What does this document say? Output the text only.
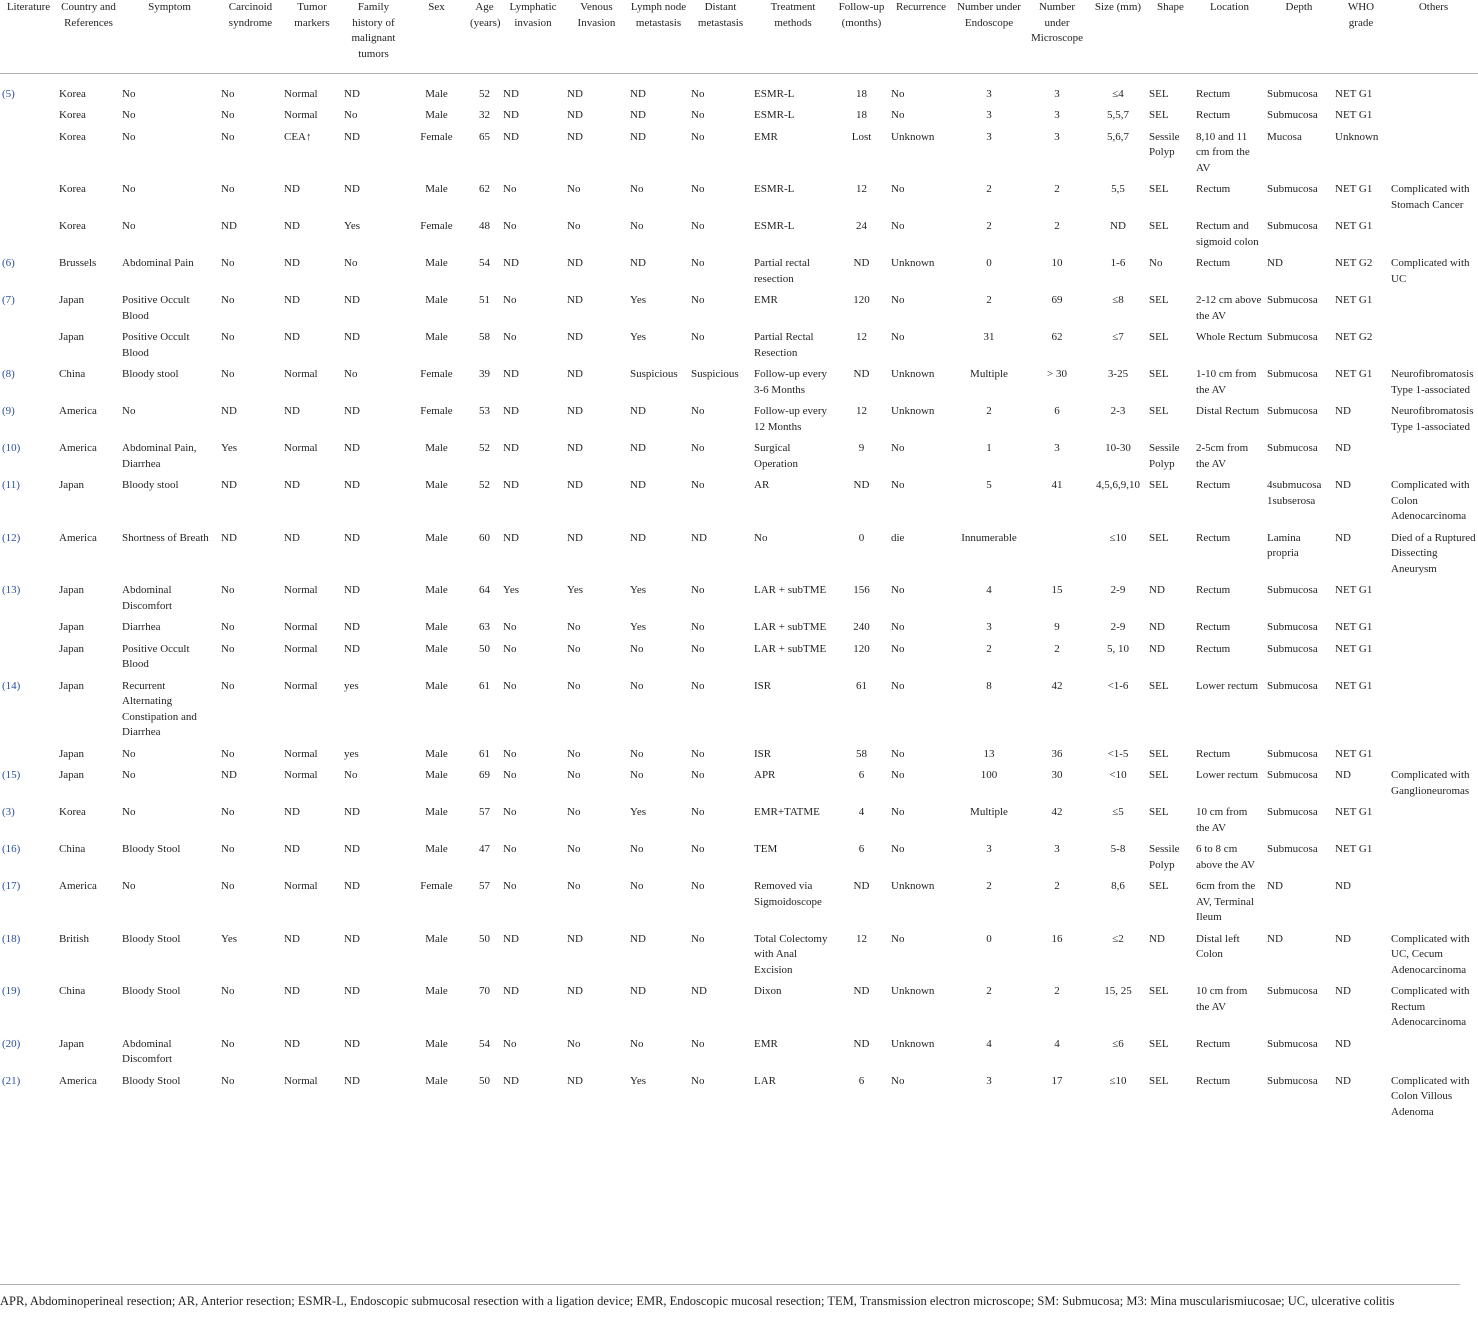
Literature	Country and References	Symptom	Carcinoid syndrome	Tumor markers	Family history of malignant tumors	Sex	Age (years)	Lymphatic invasion	Venous Invasion	Lymph node metastasis	Distant metastasis	Treatment methods	Follow-up (months)	Recurrence	Number under Endoscope	Number under Microscope	Size (mm)	Shape	Location	Depth	WHO grade	Others
(5)	Korea	No	No	Normal	ND	Male	52	ND	ND	ND	No	ESMR-L	18	No	3	3	≤4	SEL	Rectum	Submucosa	NET G1	
	Korea	No	No	Normal	No	Male	32	ND	ND	ND	No	ESMR-L	18	No	3	3	5,5,7	SEL	Rectum	Submucosa	NET G1	
	Korea	No	No	CEA↑	ND	Female	65	ND	ND	ND	No	EMR	Lost	Unknown	3	3	5,6,7	Sessile Polyp	8,10 and 11 cm from the AV	Mucosa	Unknown	
	Korea	No	No	ND	ND	Male	62	No	No	No	No	ESMR-L	12	No	2	2	5,5	SEL	Rectum	Submucosa	NET G1	Complicated with Stomach Cancer
	Korea	No	ND	ND	Yes	Female	48	No	No	No	No	ESMR-L	24	No	2	2	ND	SEL	Rectum and sigmoid colon	Submucosa	NET G1	
(6)	Brussels	Abdominal Pain	No	ND	No	Male	54	ND	ND	ND	No	Partial rectal resection	ND	Unknown	0	10	1-6	No	Rectum	ND	NET G2	Complicated with UC
(7)	Japan	Positive Occult Blood	No	ND	ND	Male	51	No	ND	Yes	No	EMR	120	No	2	69	≤8	SEL	2-12 cm above the AV	Submucosa	NET G1	
	Japan	Positive Occult Blood	No	ND	ND	Male	58	No	ND	Yes	No	Partial Rectal Resection	12	No	31	62	≤7	SEL	Whole Rectum	Submucosa	NET G2	
(8)	China	Bloody stool	No	Normal	No	Female	39	ND	ND	Suspicious	Suspicious	Follow-up every 3-6 Months	ND	Unknown	Multiple	> 30	3-25	SEL	1-10 cm from the AV	Submucosa	NET G1	Neurofibromatosis Type 1-associated
(9)	America	No	ND	ND	ND	Female	53	ND	ND	ND	No	Follow-up every 12 Months	12	Unknown	2	6	2-3	SEL	Distal Rectum	Submucosa	ND	Neurofibromatosis Type 1-associated
(10)	America	Abdominal Pain, Diarrhea	Yes	Normal	ND	Male	52	ND	ND	ND	No	Surgical Operation	9	No	1	3	10-30	Sessile Polyp	2-5cm from the AV	Submucosa	ND	
(11)	Japan	Bloody stool	ND	ND	ND	Male	52	ND	ND	ND	No	AR	ND	No	5	41	4,5,6,9,10	SEL	Rectum	4submucosa 1subserosa	ND	Complicated with Colon Adenocarcinoma
(12)	America	Shortness of Breath	ND	ND	ND	Male	60	ND	ND	ND	ND	No	0	die	Innumerable		≤10	SEL	Rectum	Lamina propria	ND	Died of a Ruptured Dissecting Aneurysm
(13)	Japan	Abdominal Discomfort	No	Normal	ND	Male	64	Yes	Yes	Yes	No	LAR + subTME	156	No	4	15	2-9	ND	Rectum	Submucosa	NET G1	
	Japan	Diarrhea	No	Normal	ND	Male	63	No	No	Yes	No	LAR + subTME	240	No	3	9	2-9	ND	Rectum	Submucosa	NET G1	
	Japan	Positive Occult Blood	No	Normal	ND	Male	50	No	No	No	No	LAR + subTME	120	No	2	2	5, 10	ND	Rectum	Submucosa	NET G1	
(14)	Japan	Recurrent Alternating Constipation and Diarrhea	No	Normal	yes	Male	61	No	No	No	No	ISR	61	No	8	42	<1-6	SEL	Lower rectum	Submucosa	NET G1	
	Japan	No	No	Normal	yes	Male	61	No	No	No	No	ISR	58	No	13	36	<1-5	SEL	Rectum	Submucosa	NET G1	
(15)	Japan	No	ND	Normal	No	Male	69	No	No	No	No	APR	6	No	100	30	<10	SEL	Lower rectum	Submucosa	ND	Complicated with Ganglioneuromas
(3)	Korea	No	No	ND	ND	Male	57	No	No	Yes	No	EMR+TATME	4	No	Multiple	42	≤5	SEL	10 cm from the AV	Submucosa	NET G1	
(16)	China	Bloody Stool	No	ND	ND	Male	47	No	No	No	No	TEM	6	No	3	3	5-8	Sessile Polyp	6 to 8 cm above the AV	Submucosa	NET G1	
(17)	America	No	No	Normal	ND	Female	57	No	No	No	No	Removed via Sigmoidoscope	ND	Unknown	2	2	8,6	SEL	6cm from the AV, Terminal Ileum	ND	ND	
(18)	British	Bloody Stool	Yes	ND	ND	Male	50	ND	ND	ND	No	Total Colectomy with Anal Excision	12	No	0	16	≤2	ND	Distal left Colon	ND	ND	Complicated with UC, Cecum Adenocarcinoma
(19)	China	Bloody Stool	No	ND	ND	Male	70	ND	ND	ND	ND	Dixon	ND	Unknown	2	2	15, 25	SEL	10 cm from the AV	Submucosa	ND	Complicated with Rectum Adenocarcinoma
(20)	Japan	Abdominal Discomfort	No	ND	ND	Male	54	No	No	No	No	EMR	ND	Unknown	4	4	≤6	SEL	Rectum	Submucosa	ND	
(21)	America	Bloody Stool	No	Normal	ND	Male	50	ND	ND	Yes	No	LAR	6	No	3	17	≤10	SEL	Rectum	Submucosa	ND	Complicated with Colon Villous Adenoma
APR, Abdominoperineal resection; AR, Anterior resection; ESMR-L, Endoscopic submucosal resection with a ligation device; EMR, Endoscopic mucosal resection; TEM, Transmission electron microscope; SM: Submucosa; M3: Mina muscularismiucosae; UC, ulcerative colitis
